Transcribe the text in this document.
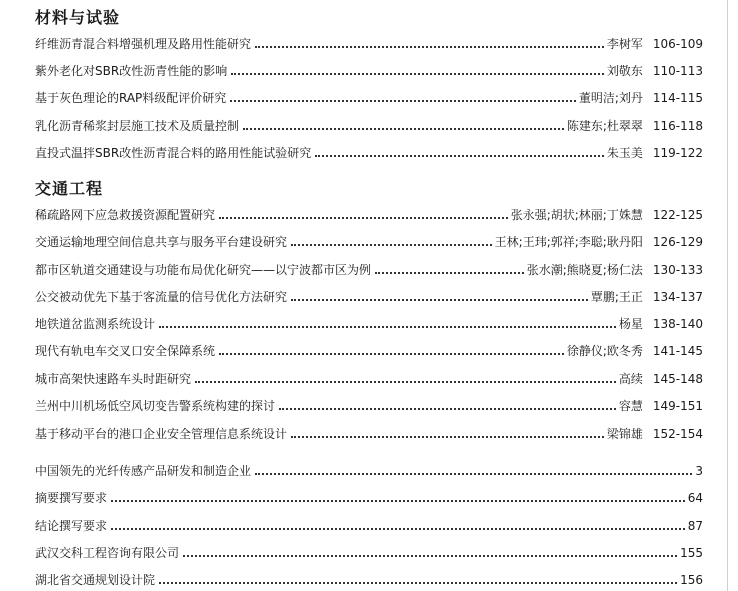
材料与试验
纤维沥青混合料增强机理及路用性能研究	李树军 106-109
紫外老化对SBR改性沥青性能的影响	刘敬东 110-113
基于灰色理论的RAP料级配评价研究	董明洁;刘丹 114-115
乳化沥青稀浆封层施工技术及质量控制	陈建东;杜翠翠 116-118
直投式温拌SBR改性沥青混合料的路用性能试验研究	朱玉美 119-122
交通工程
稀疏路网下应急救援资源配置研究	张永强;胡状;林丽;丁姝慧 122-125
交通运输地理空间信息共享与服务平台建设研究	王林;王玮;郭祥;李聪;耿丹阳 126-129
都市区轨道交通建设与功能布局优化研究——以宁波都市区为例	张水潮;熊晓夏;杨仁法 130-133
公交被动优先下基于客流量的信号优化方法研究	覃鹏;王正 134-137
地铁道岔监测系统设计	杨星 138-140
现代有轨电车交叉口安全保障系统	徐静仪;欧冬秀 141-145
城市高架快速路车头时距研究	高续 145-148
兰州中川机场低空风切变告警系统构建的探讨	容慧 149-151
基于移动平台的港口企业安全管理信息系统设计	梁锦雄 152-154
中国领先的光纤传感产品研发和制造企业	3
摘要撰写要求	64
结论撰写要求	87
武汉交科工程咨询有限公司	155
湖北省交通规划设计院	156
